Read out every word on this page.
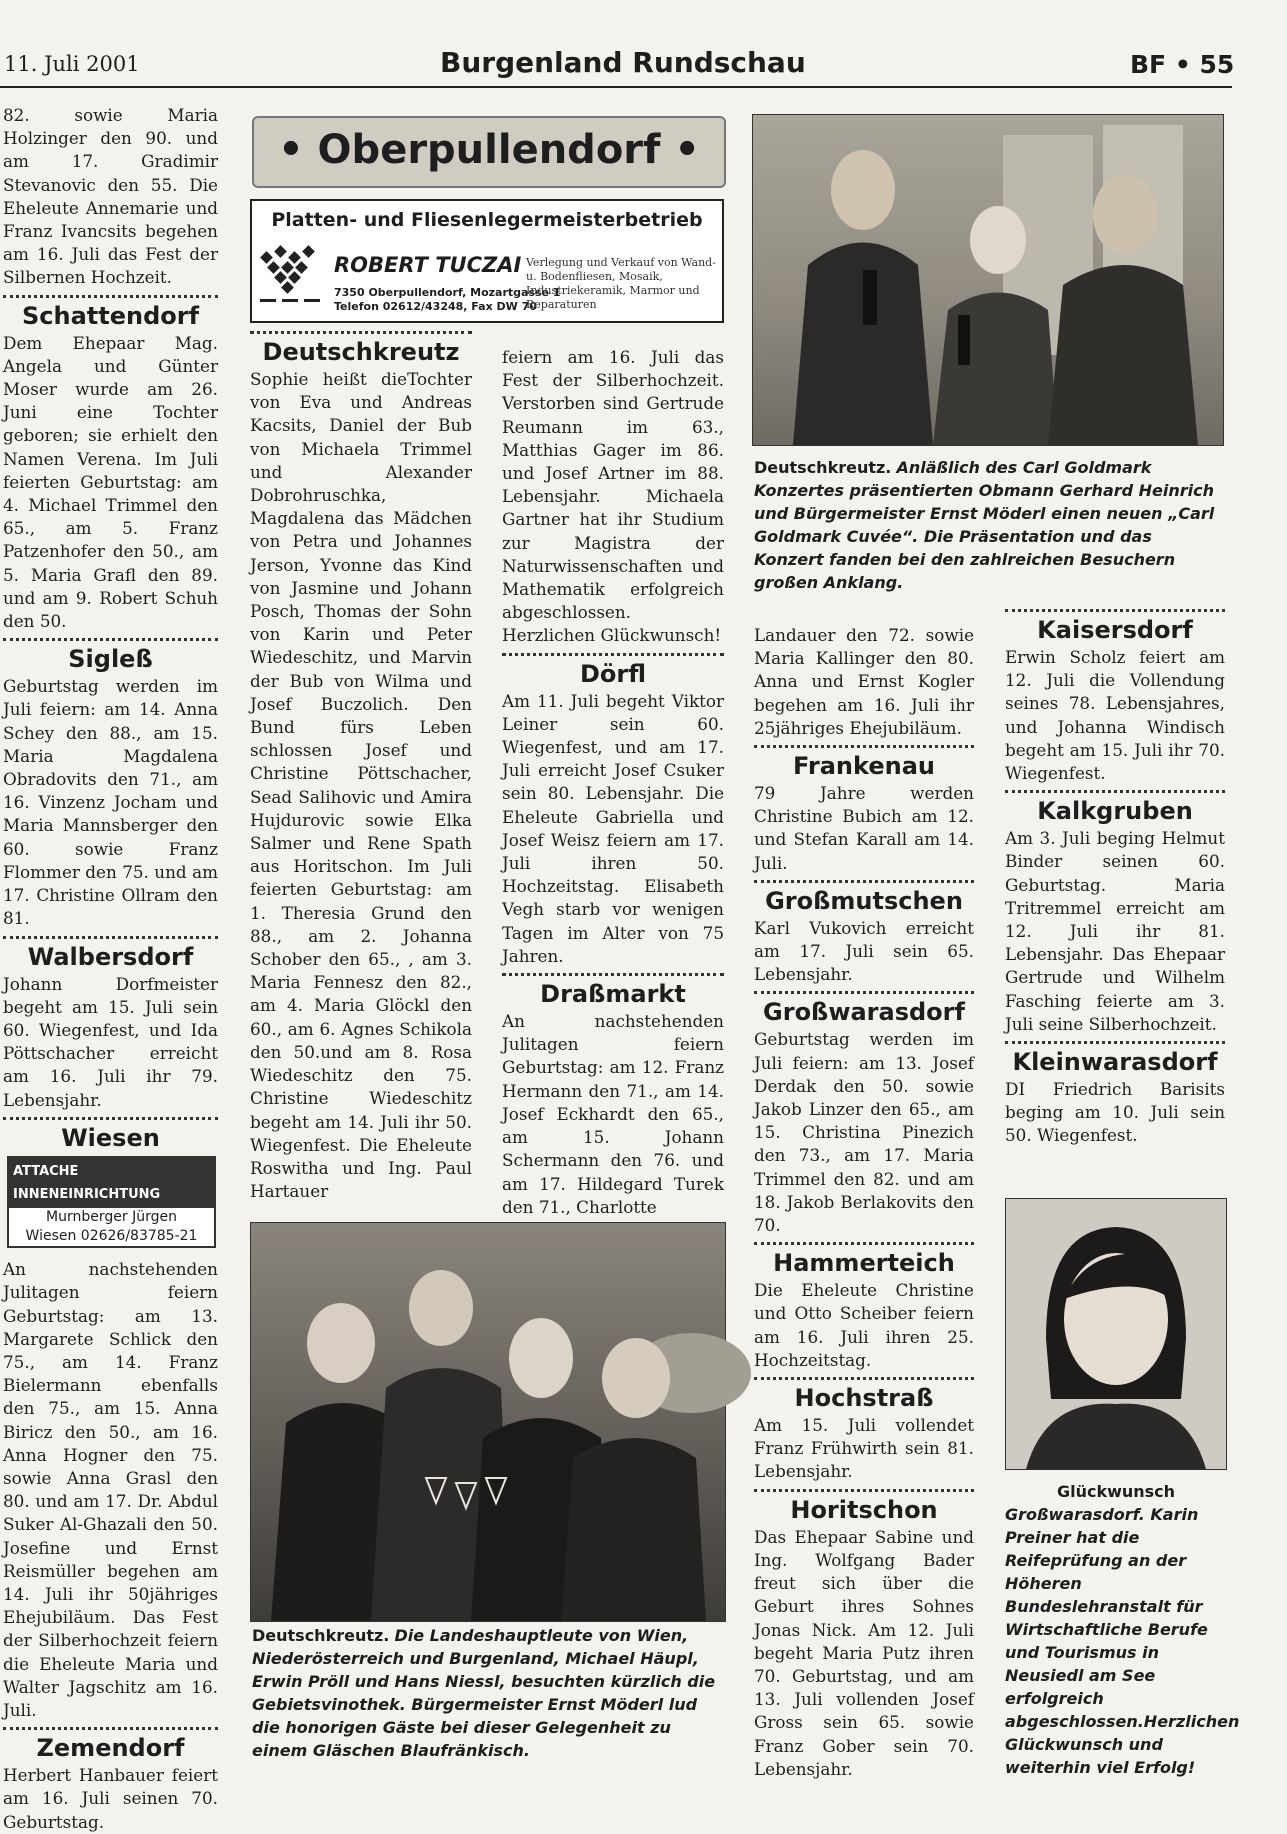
11. Juli 2001	Burgenland Rundschau	BF • 55

82. sowie Maria Holzinger den 90. und am 17. Gradimir Stevanovic den 55. Die Eheleute Annemarie und Franz Ivancsits begehen am 16. Juli das Fest der Silbernen Hochzeit.

Schattendorf

Dem Ehepaar Mag. Angela und Günter Moser wurde am 26. Juni eine Tochter geboren; sie erhielt den Namen Verena. Im Juli feierten Geburtstag: am 4. Michael Trimmel den 65., am 5. Franz Patzenhofer den 50., am 5. Maria Grafl den 89. und am 9. Robert Schuh den 50.

Sigleß

Geburtstag werden im Juli feiern: am 14. Anna Schey den 88., am 15. Maria Magdalena Obradovits den 71., am 16. Vinzenz Jocham und Maria Mannsberger den 60. sowie Franz Flommer den 75. und am 17. Christine Ollram den 81.

Walbersdorf

Johann Dorfmeister begeht am 15. Juli sein 60. Wiegenfest, und Ida Pöttschacher erreicht am 16. Juli ihr 79. Lebensjahr.

Wiesen
ATTACHE INNENEINRICHTUNG
Murnberger Jürgen
Wiesen 02626/83785-21

An nachstehenden Julitagen feiern Geburtstag: am 13. Margarete Schlick den 75., am 14. Franz Bielermann ebenfalls den 75., am 15. Anna Biricz den 50., am 16. Anna Hogner den 75. sowie Anna Grasl den 80. und am 17. Dr. Abdul Suker Al-Ghazali den 50. Josefine und Ernst Reismüller begehen am 14. Juli ihr 50jähriges Ehejubiläum. Das Fest der Silberhochzeit feiern die Eheleute Maria und Walter Jagschitz am 16. Juli.

Zemendorf

Herbert Hanbauer feiert am 16. Juli seinen 70. Geburtstag.

• Oberpullendorf •
Platten- und Fliesenlegermeisterbetrieb
ROBERT TUCZAI
7350 Oberpullendorf, Mozartgasse 1
Telefon 02612/43248, Fax DW 70
Verlegung und Verkauf von Wand- u. Bodenfliesen, Mosaik, Industriekeramik, Marmor und Reparaturen
Deutschkreutz

Sophie heißt dieTochter von Eva und Andreas Kacsits, Daniel der Bub von Michaela Trimmel und Alexander Dobrohruschka, Magdalena das Mädchen von Petra und Johannes Jerson, Yvonne das Kind von Jasmine und Johann Posch, Thomas der Sohn von Karin und Peter Wiedeschitz, und Marvin der Bub von Wilma und Josef Buczolich. Den Bund fürs Leben schlossen Josef und Christine Pöttschacher, Sead Salihovic und Amira Hujdurovic sowie Elka Salmer und Rene Spath aus Horitschon. Im Juli feierten Geburtstag: am 1. Theresia Grund den 88., am 2. Johanna Schober den 65., , am 3. Maria Fennesz den 82., am 4. Maria Glöckl den 60., am 6. Agnes Schikola den 50.und am 8. Rosa Wiedeschitz den 75. Christine Wiedeschitz begeht am 14. Juli ihr 50. Wiegenfest. Die Eheleute Roswitha und Ing. Paul Hartauer

feiern am 16. Juli das Fest der Silberhochzeit. Verstorben sind Gertrude Reumann im 63., Matthias Gager im 86. und Josef Artner im 88. Lebensjahr. Michaela Gartner hat ihr Studium zur Magistra der Naturwissenschaften und Mathematik erfolgreich abgeschlossen. Herzlichen Glückwunsch!

Dörfl

Am 11. Juli begeht Viktor Leiner sein 60. Wiegenfest, und am 17. Juli erreicht Josef Csuker sein 80. Lebensjahr. Die Eheleute Gabriella und Josef Weisz feiern am 17. Juli ihren 50. Hochzeitstag. Elisabeth Vegh starb vor wenigen Tagen im Alter von 75 Jahren.

Draßmarkt

An nachstehenden Julitagen feiern Geburtstag: am 12. Franz Hermann den 71., am 14. Josef Eckhardt den 65., am 15. Johann Schermann den 76. und am 17. Hildegard Turek den 71., Charlotte

Deutschkreutz. Anläßlich des Carl Goldmark Konzertes präsentierten Obmann Gerhard Heinrich und Bürgermeister Ernst Möderl einen neuen „Carl Goldmark Cuvée“. Die Präsentation und das Konzert fanden bei den zahlreichen Besuchern großen Anklang.

Landauer den 72. sowie Maria Kallinger den 80. Anna und Ernst Kogler begehen am 16. Juli ihr 25jähriges Ehejubiläum.

Frankenau

79 Jahre werden Christine Bubich am 12. und Stefan Karall am 14. Juli.

Großmutschen

Karl Vukovich erreicht am 17. Juli sein 65. Lebensjahr.

Großwarasdorf

Geburtstag werden im Juli feiern: am 13. Josef Derdak den 50. sowie Jakob Linzer den 65., am 15. Christina Pinezich den 73., am 17. Maria Trimmel den 82. und am 18. Jakob Berlakovits den 70.

Hammerteich

Die Eheleute Christine und Otto Scheiber feiern am 16. Juli ihren 25. Hochzeitstag.

Hochstraß

Am 15. Juli vollendet Franz Frühwirth sein 81. Lebensjahr.

Horitschon

Das Ehepaar Sabine und Ing. Wolfgang Bader freut sich über die Geburt ihres Sohnes Jonas Nick. Am 12. Juli begeht Maria Putz ihren 70. Geburtstag, und am 13. Juli vollenden Josef Gross sein 65. sowie Franz Gober sein 70. Lebensjahr.

Kaisersdorf

Erwin Scholz feiert am 12. Juli die Vollendung seines 78. Lebensjahres, und Johanna Windisch begeht am 15. Juli ihr 70. Wiegenfest.

Kalkgruben

Am 3. Juli beging Helmut Binder seinen 60. Geburtstag. Maria Tritremmel erreicht am 12. Juli ihr 81. Lebensjahr. Das Ehepaar Gertrude und Wilhelm Fasching feierte am 3. Juli seine Silberhochzeit.

Kleinwarasdorf

DI Friedrich Barisits beging am 10. Juli sein 50. Wiegenfest.

Glückwunsch
Großwarasdorf. Karin Preiner hat die Reifeprüfung an der Höheren Bundeslehranstalt für Wirtschaftliche Berufe und Tourismus in Neusiedl am See erfolgreich abgeschlossen.Herzlichen Glückwunsch und weiterhin viel Erfolg!
Deutschkreutz. Die Landeshauptleute von Wien, Niederösterreich und Burgenland, Michael Häupl, Erwin Pröll und Hans Niessl, besuchten kürzlich die Gebietsvinothek. Bürgermeister Ernst Möderl lud die honorigen Gäste bei dieser Gelegenheit zu einem Gläschen Blaufränkisch.
